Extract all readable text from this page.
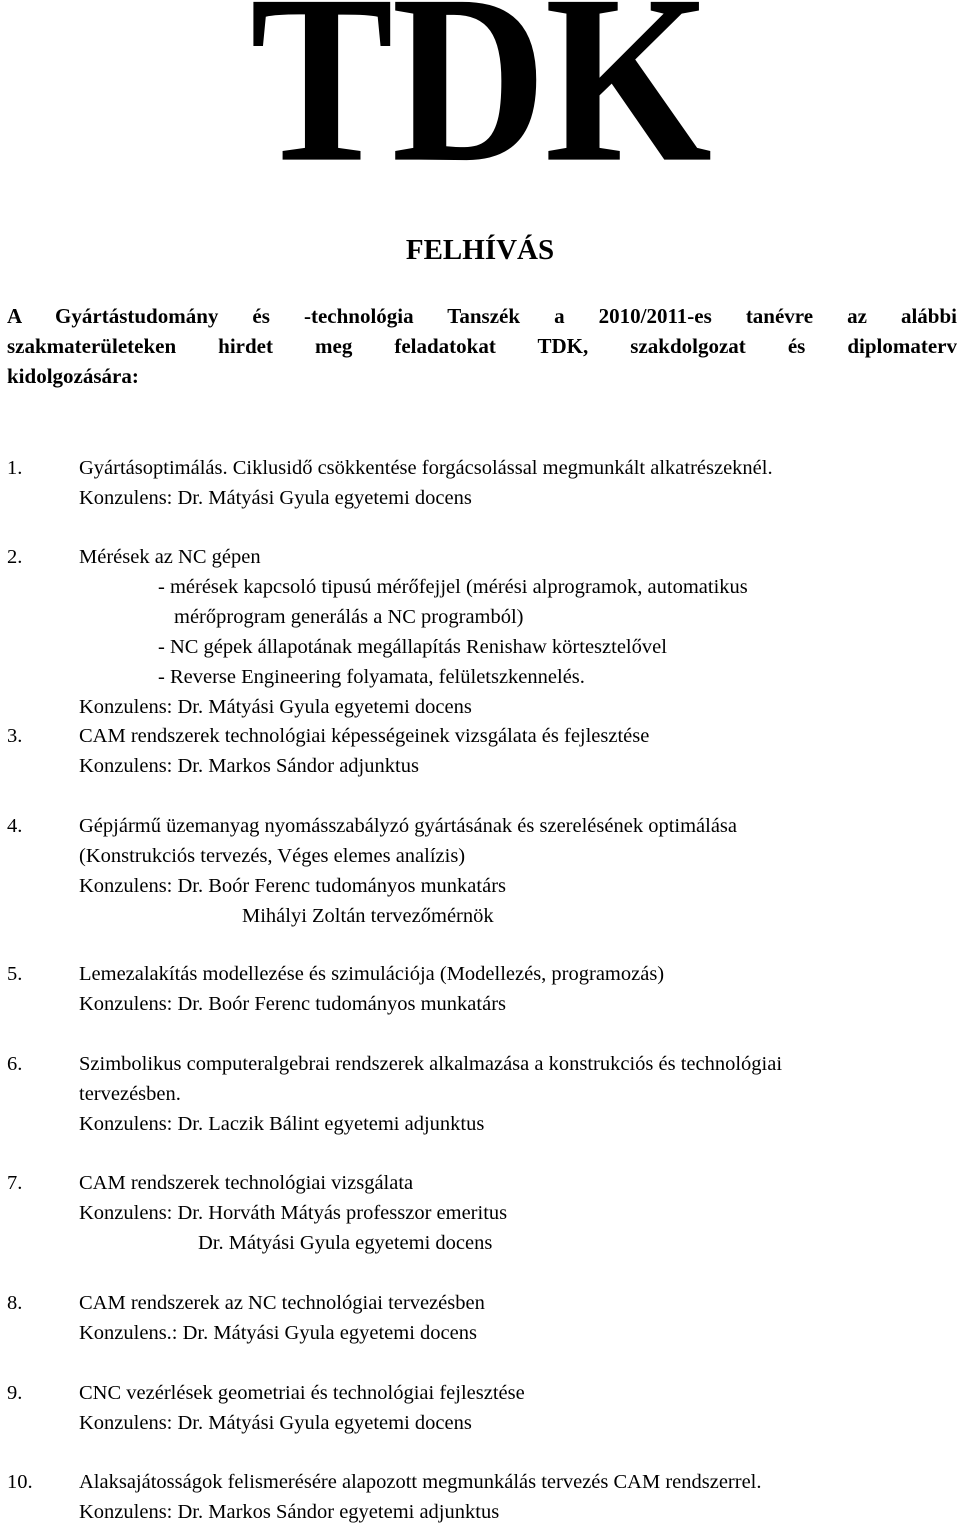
TDK
FELHÍVÁS
A Gyártástudomány és -technológia Tanszék a 2010/2011-es tanévre az alábbi
szakmaterületeken hirdet meg feladatokat TDK, szakdolgozat és diplomaterv
kidolgozására:
1.	Gyártásoptimálás. Ciklusidő csökkentése forgácsolással megmunkált alkatrészeknél.
Konzulens: Dr. Mátyási Gyula egyetemi docens
2.	Mérések az NC gépen
- mérések kapcsoló tipusú mérőfejjel (mérési alprogramok, automatikus
mérőprogram generálás a NC programból)
- NC gépek állapotának megállapítás Renishaw körtesztelővel
- Reverse Engineering folyamata, felületszkennelés.
Konzulens: Dr. Mátyási Gyula egyetemi docens
3.	CAM rendszerek technológiai képességeinek vizsgálata és fejlesztése
Konzulens: Dr. Markos Sándor adjunktus
4.	Gépjármű üzemanyag nyomásszabályzó gyártásának és szerelésének optimálása
(Konstrukciós tervezés, Véges elemes analízis)
Konzulens: Dr. Boór Ferenc tudományos munkatárs
Mihályi Zoltán tervezőmérnök
5.	Lemezalakítás modellezése és szimulációja (Modellezés, programozás)
Konzulens: Dr. Boór Ferenc tudományos munkatárs
6.	Szimbolikus computeralgebrai rendszerek alkalmazása a konstrukciós és technológiai
tervezésben.
Konzulens: Dr. Laczik Bálint egyetemi adjunktus
7.	CAM rendszerek technológiai vizsgálata
Konzulens: Dr. Horváth Mátyás professzor emeritus
Dr. Mátyási Gyula egyetemi docens
8.	CAM rendszerek az NC technológiai tervezésben
Konzulens.: Dr. Mátyási Gyula egyetemi docens
9.	CNC vezérlések geometriai és technológiai fejlesztése
Konzulens: Dr. Mátyási Gyula egyetemi docens
10. Alaksajátosságok felismerésére alapozott megmunkálás tervezés CAM rendszerrel.
Konzulens: Dr. Markos Sándor egyetemi adjunktus
